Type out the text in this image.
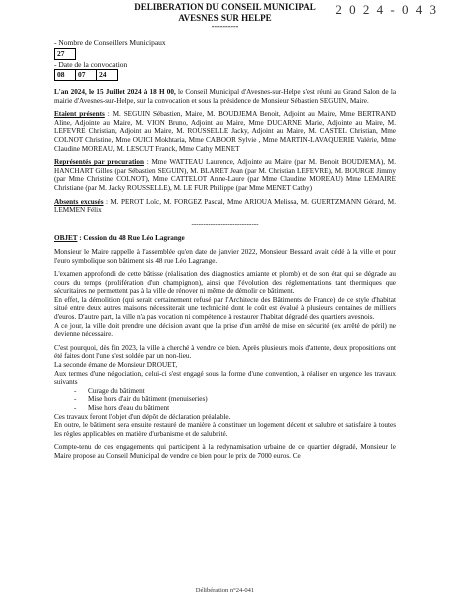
2 0 2 4 - 0 4 3
DELIBERATION DU CONSEIL MUNICIPAL
AVESNES SUR HELPE
----------
- Nombre de Conseillers Municipaux
27
- Date de la convocation
08	07	24

L'an 2024, le 15 Juillet 2024 à 18 H 00, le Conseil Municipal d'Avesnes-sur-Helpe s'est réuni au Grand Salon de la mairie d'Avesnes-sur-Helpe, sur la convocation et sous la présidence de Monsieur Sébastien SEGUIN, Maire.

Etaient présents : M. SEGUIN Sébastien, Maire, M. BOUDJEMA Benoit, Adjoint au Maire, Mme BERTRAND Aline, Adjointe au Maire, M. VION Bruno, Adjoint au Maire, Mme DUCARNE Marie, Adjointe au Maire, M. LEFEVRE Christian, Adjoint au Maire, M. ROUSSELLE Jacky, Adjoint au Maire, M. CASTEL Christian, Mme COLNOT Christine, Mme OUICI Mokhtaria, Mme CABOOR Sylvie , Mme MARTIN-LAVAQUERIE Valérie, Mme Claudine MOREAU, M. LESCUT Franck, Mme Cathy MENET

Représentés par procuration : Mme WATTEAU Laurence, Adjointe au Maire (par M. Benoit BOUDJEMA), M. HANCHART Gilles (par Sébastien SEGUIN), M. BLARET Jean (par M. Christian LEFEVRE), M. BOURGE Jimmy (par Mme Christine COLNOT), Mme CATTELOT Anne-Laure (par Mme Claudine MOREAU) Mme LEMAIRE Christiane (par M. Jacky ROUSSELLE), M. LE FUR Philippe (par Mme MENET Cathy)

Absents excusés : M. PEROT Loïc, M. FORGEZ Pascal, Mme ARIOUA Melissa, M. GUERTZMANN Gérard, M. LEMMEN Félix

----------------------------

OBJET : Cession du 48 Rue Léo Lagrange

Monsieur le Maire rappelle à l'assemblée qu'en date de janvier 2022, Monsieur Bessard avait cédé à la ville et pour l'euro symbolique son bâtiment sis 48 rue Léo Lagrange.

L'examen approfondi de cette bâtisse (réalisation des diagnostics amiante et plomb) et de son état qui se dégrade au cours du temps (prolifération d'un champignon), ainsi que l'évolution des réglementations tant thermiques que sécuritaires ne permettent pas à la ville de rénover ni même de démolir ce bâtiment.

En effet, la démolition (qui serait certainement refusé par l'Architecte des Bâtiments de France) de ce style d'habitat situé entre deux autres maisons nécessiterait une technicité dont le coût est évalué à plusieurs centaines de milliers d'euros. D'autre part, la ville n'a pas vocation ni compétence à restaurer l'habitat dégradé des quartiers avesnois.

A ce jour, la ville doit prendre une décision avant que la prise d'un arrêté de mise en sécurité (ex arrêté de péril) ne devienne nécessaire.

C'est pourquoi, dès fin 2023, la ville a cherché à vendre ce bien. Après plusieurs mois d'attente, deux propositions ont été faites dont l'une s'est soldée par un non-lieu.

La seconde émane de Monsieur DROUET,

Aux termes d'une négociation, celui-ci s'est engagé sous la forme d'une convention, à réaliser en urgence les travaux suivants

- Curage du bâtiment
- Mise hors d'air du bâtiment (menuiseries)
- Mise hors d'eau du bâtiment

Ces travaux feront l'objet d'un dépôt de déclaration préalable.

En outre, le bâtiment sera ensuite restauré de manière à constituer un logement décent et salubre et satisfaire à toutes les règles applicables en matière d'urbanisme et de salubrité.

Compte-tenu de ces engagements qui participent à la redynamisation urbaine de ce quartier dégradé, Monsieur le Maire propose au Conseil Municipal de vendre ce bien pour le prix de 7000 euros. Ce

Délibération n°24-041
